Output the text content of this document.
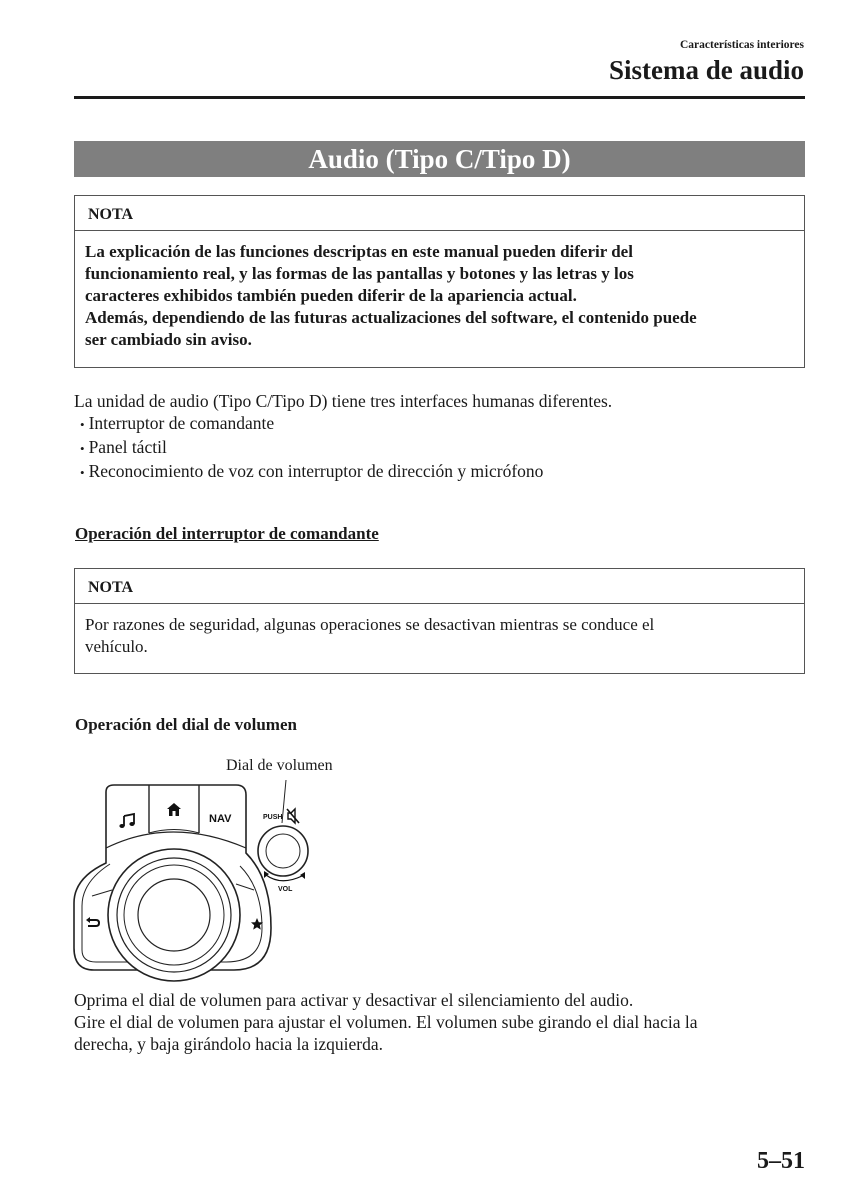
Características interiores
Sistema de audio
Audio (Tipo C/Tipo D)
NOTA
La explicación de las funciones descriptas en este manual pueden diferir del
funcionamiento real, y las formas de las pantallas y botones y las letras y los
caracteres exhibidos también pueden diferir de la apariencia actual.
Además, dependiendo de las futuras actualizaciones del software, el contenido puede
ser cambiado sin aviso.
La unidad de audio (Tipo C/Tipo D) tiene tres interfaces humanas diferentes.
• Interruptor de comandante
• Panel táctil
• Reconocimiento de voz con interruptor de dirección y micrófono
Operación del interruptor de comandante
NOTA
Por razones de seguridad, algunas operaciones se desactivan mientras se conduce el
vehículo.
Operación del dial de volumen
Dial de volumen
NAV	PUSH
VOL
Oprima el dial de volumen para activar y desactivar el silenciamiento del audio.
Gire el dial de volumen para ajustar el volumen. El volumen sube girando el dial hacia la
derecha, y baja girándolo hacia la izquierda.
5–51
